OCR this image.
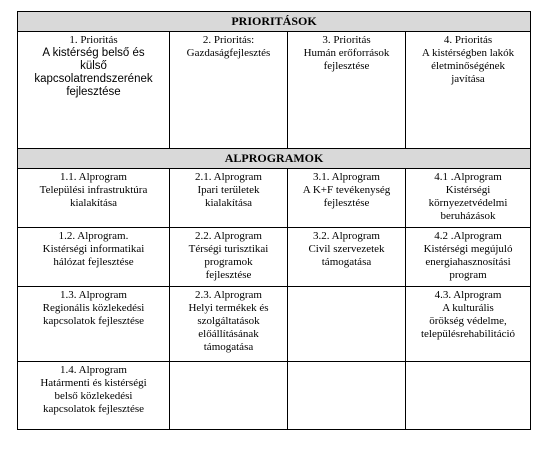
PRIORITÁSOK			

1. Prioritás
A kistérség belső és
külső
kapcsolatrendszerének
fejlesztése	2. Prioritás:
Gazdaságfejlesztés	3. Prioritás
Humán erőforrások
fejlesztése	4. Prioritás
A kistérségben lakók
életminőségének
javítása

ALPROGRAMOK			

1.1. Alprogram
Települési infrastruktúra
kialakítása	2.1. Alprogram
Ipari területek
kialakítása	3.1. Alprogram
A K+F tevékenység
fejlesztése	4.1 .Alprogram
Kistérségi
környezetvédelmi
beruházások

1.2. Alprogram.
Kistérségi informatikai
hálózat fejlesztése	2.2. Alprogram
Térségi turisztikai
programok
fejlesztése	3.2. Alprogram
Civil szervezetek
támogatása	4.2 .Alprogram
Kistérségi megújuló
energiahasznosítási
program

1.3. Alprogram
Regionális közlekedési
kapcsolatok fejlesztése	2.3. Alprogram
Helyi termékek és
szolgáltatások
előállításának
támogatása		4.3. Alprogram
A kulturális
örökség védelme,
településrehabilitáció

1.4. Alprogram
Határmenti és kistérségi
belső közlekedési
kapcsolatok fejlesztése			
